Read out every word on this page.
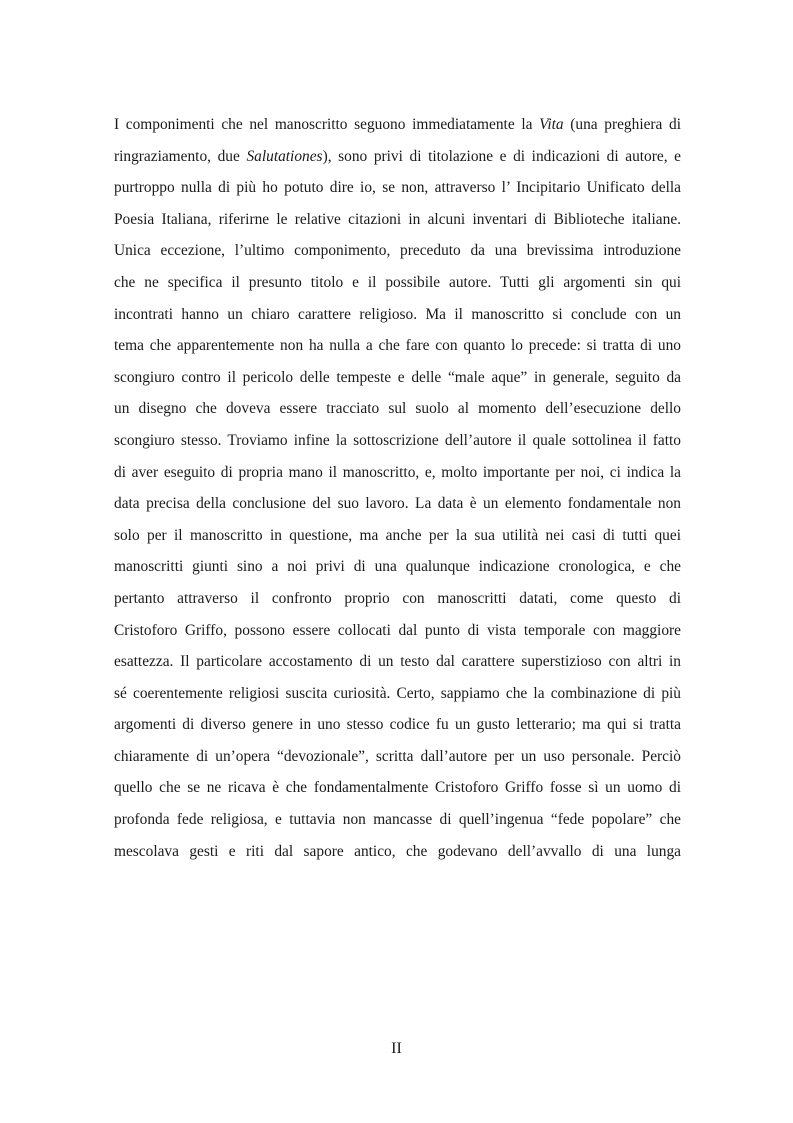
I componimenti che nel manoscritto seguono immediatamente la Vita (una preghiera di
ringraziamento, due Salutationes), sono privi di titolazione e di indicazioni di autore, e
purtroppo nulla di più ho potuto dire io, se non, attraverso l’ Incipitario Unificato della
Poesia Italiana, riferirne le relative citazioni in alcuni inventari di Biblioteche italiane.
Unica eccezione, l’ultimo componimento, preceduto da una brevissima introduzione
che ne specifica il presunto titolo e il possibile autore. Tutti gli argomenti sin qui
incontrati hanno un chiaro carattere religioso. Ma il manoscritto si conclude con un
tema che apparentemente non ha nulla a che fare con quanto lo precede: si tratta di uno
scongiuro contro il pericolo delle tempeste e delle “male aque” in generale, seguito da
un disegno che doveva essere tracciato sul suolo al momento dell’esecuzione dello
scongiuro stesso. Troviamo infine la sottoscrizione dell’autore il quale sottolinea il fatto
di aver eseguito di propria mano il manoscritto, e, molto importante per noi, ci indica la
data precisa della conclusione del suo lavoro. La data è un elemento fondamentale non
solo per il manoscritto in questione, ma anche per la sua utilità nei casi di tutti quei
manoscritti giunti sino a noi privi di una qualunque indicazione cronologica, e che
pertanto attraverso il confronto proprio con manoscritti datati, come questo di
Cristoforo Griffo, possono essere collocati dal punto di vista temporale con maggiore
esattezza. Il particolare accostamento di un testo dal carattere superstizioso con altri in
sé coerentemente religiosi suscita curiosità. Certo, sappiamo che la combinazione di più
argomenti di diverso genere in uno stesso codice fu un gusto letterario; ma qui si tratta
chiaramente di un’opera “devozionale”, scritta dall’autore per un uso personale. Perciò
quello che se ne ricava è che fondamentalmente Cristoforo Griffo fosse sì un uomo di
profonda fede religiosa, e tuttavia non mancasse di quell’ingenua “fede popolare” che
mescolava gesti e riti dal sapore antico, che godevano dell’avvallo di una lunga
II
